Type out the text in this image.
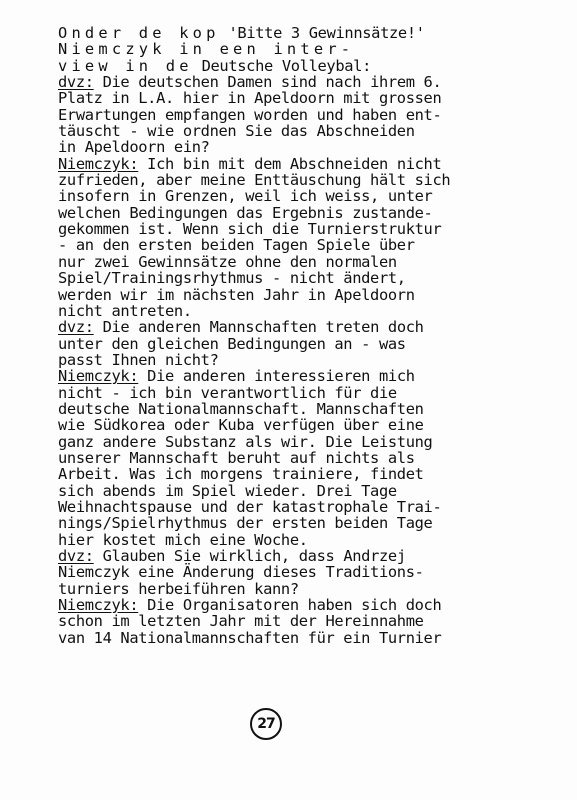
Onder de kop 'Bitte 3 Gewinnsätze!'
Niemczyk in een inter-
view in de Deutsche Volleybal:
dvz: Die deutschen Damen sind nach ihrem 6.
Platz in L.A. hier in Apeldoorn mit grossen
Erwartungen empfangen worden und haben ent-
täuscht - wie ordnen Sie das Abschneiden
in Apeldoorn ein?
Niemczyk: Ich bin mit dem Abschneiden nicht
zufrieden, aber meine Enttäuschung hält sich
insofern in Grenzen, weil ich weiss, unter
welchen Bedingungen das Ergebnis zustande-
gekommen ist. Wenn sich die Turnierstruktur
- an den ersten beiden Tagen Spiele über
nur zwei Gewinnsätze ohne den normalen
Spiel/Trainingsrhythmus - nicht ändert,
werden wir im nächsten Jahr in Apeldoorn
nicht antreten.
dvz: Die anderen Mannschaften treten doch
unter den gleichen Bedingungen an - was
passt Ihnen nicht?
Niemczyk: Die anderen interessieren mich
nicht - ich bin verantwortlich für die
deutsche Nationalmannschaft. Mannschaften
wie Südkorea oder Kuba verfügen über eine
ganz andere Substanz als wir. Die Leistung
unserer Mannschaft beruht auf nichts als
Arbeit. Was ich morgens trainiere, findet
sich abends im Spiel wieder. Drei Tage
Weihnachtspause und der katastrophale Trai-
nings/Spielrhythmus der ersten beiden Tage
hier kostet mich eine Woche.
dvz: Glauben Sie wirklich, dass Andrzej
Niemczyk eine Änderung dieses Traditions-
turniers herbeiführen kann?
Niemczyk: Die Organisatoren haben sich doch
schon im letzten Jahr mit der Hereinnahme
van 14 Nationalmannschaften für ein Turnier
27
